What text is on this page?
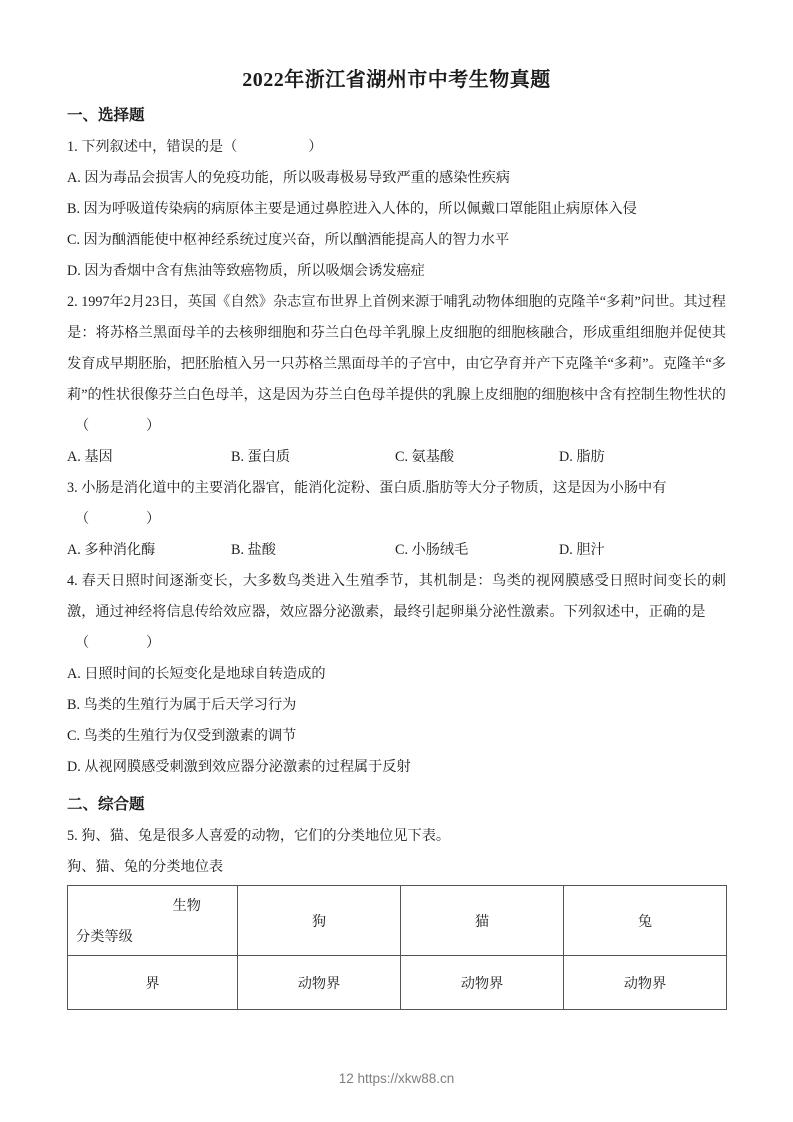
2022年浙江省湖州市中考生物真题
一、选择题

1. 下列叙述中，错误的是（　　　　　）

A. 因为毒品会损害人的免疫功能，所以吸毒极易导致严重的感染性疾病

B. 因为呼吸道传染病的病原体主要是通过鼻腔进入人体的，所以佩戴口罩能阻止病原体入侵

C. 因为酗酒能使中枢神经系统过度兴奋，所以酗酒能提高人的智力水平

D. 因为香烟中含有焦油等致癌物质，所以吸烟会诱发癌症

2. 1997年2月23日，英国《自然》杂志宣布世界上首例来源于哺乳动物体细胞的克隆羊“多莉”问世。其过程是：将苏格兰黑面母羊的去核卵细胞和芬兰白色母羊乳腺上皮细胞的细胞核融合，形成重组细胞并促使其发育成早期胚胎，把胚胎植入另一只苏格兰黑面母羊的子宫中，由它孕育并产下克隆羊“多莉”。克隆羊“多莉”的性状很像芬兰白色母羊，这是因为芬兰白色母羊提供的乳腺上皮细胞的细胞核中含有控制生物性状的

（　　　　）

A. 基因	B. 蛋白质	C. 氨基酸	D. 脂肪

3. 小肠是消化道中的主要消化器官，能消化淀粉、蛋白质.脂肪等大分子物质，这是因为小肠中有

（　　　　）

A. 多种消化酶	B. 盐酸	C. 小肠绒毛	D. 胆汁

4. 春天日照时间逐渐变长，大多数鸟类进入生殖季节，其机制是：鸟类的视网膜感受日照时间变长的刺激，通过神经将信息传给效应器，效应器分泌激素，最终引起卵巢分泌性激素。下列叙述中，正确的是

（　　　　）

A. 日照时间的长短变化是地球自转造成的

B. 鸟类的生殖行为属于后天学习行为

C. 鸟类的生殖行为仅受到激素的调节

D. 从视网膜感受刺激到效应器分泌激素的过程属于反射

二、综合题

5. 狗、猫、兔是很多人喜爱的动物，它们的分类地位见下表。

狗、猫、兔的分类地位表

生物
分类等级	狗	猫	兔
界	动物界	动物界	动物界
12 https://xkw88.cn
